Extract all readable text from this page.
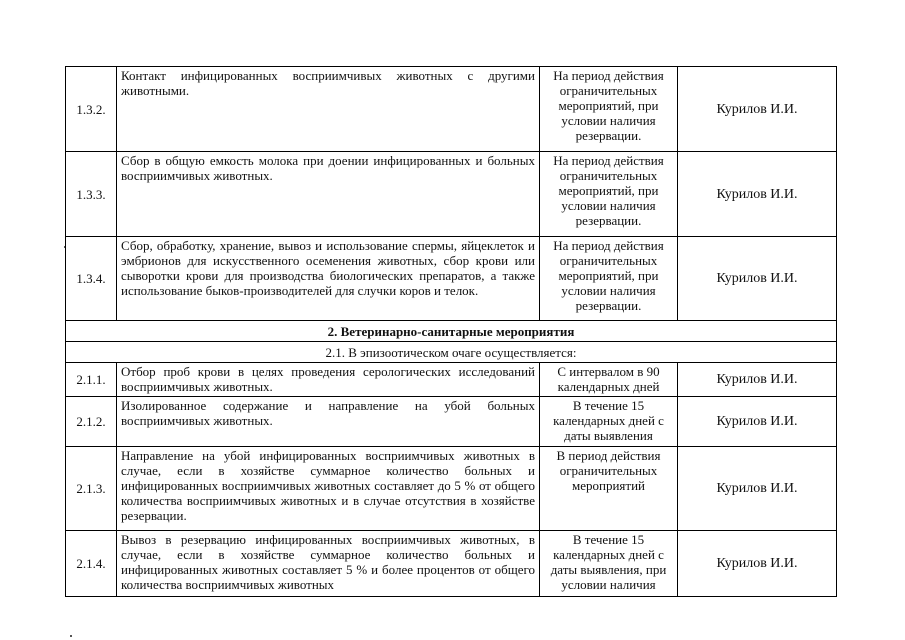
1.3.2.	Контакт инфицированных восприимчивых животных с другими животными.	На период действия ограничительных мероприятий, при условии наличия резервации.	Курилов И.И.
1.3.3.	Сбор в общую емкость молока при доении инфицированных и больных восприимчивых животных.	На период действия ограничительных мероприятий, при условии наличия резервации.	Курилов И.И.
1.3.4.	Сбор, обработку, хранение, вывоз и использование спермы, яйцеклеток и эмбрионов для искусственного осеменения животных, сбор крови или сыворотки крови для производства биологических препаратов, а также использование быков-производителей для случки коров и телок.	На период действия ограничительных мероприятий, при условии наличия резервации.	Курилов И.И.
2. Ветеринарно-санитарные мероприятия			
2.1. В эпизоотическом очаге осуществляется:			
2.1.1.	Отбор проб крови в целях проведения серологических исследований восприимчивых животных.	С интервалом в 90 календарных дней	Курилов И.И.
2.1.2.	Изолированное содержание и направление на убой больных восприимчивых животных.	В течение 15 календарных дней с даты выявления	Курилов И.И.
2.1.3.	Направление на убой инфицированных восприимчивых животных в случае, если в хозяйстве суммарное количество больных и инфицированных восприимчивых животных составляет до 5 % от общего количества восприимчивых животных и в случае отсутствия в хозяйстве резервации.	В период действия ограничительных мероприятий	Курилов И.И.
2.1.4.	Вывоз в резервацию инфицированных восприимчивых животных, в случае, если в хозяйстве суммарное количество больных и инфицированных животных составляет 5 % и более процентов от общего количества восприимчивых животных	В течение 15 календарных дней с даты выявления, при условии наличия	Курилов И.И.
